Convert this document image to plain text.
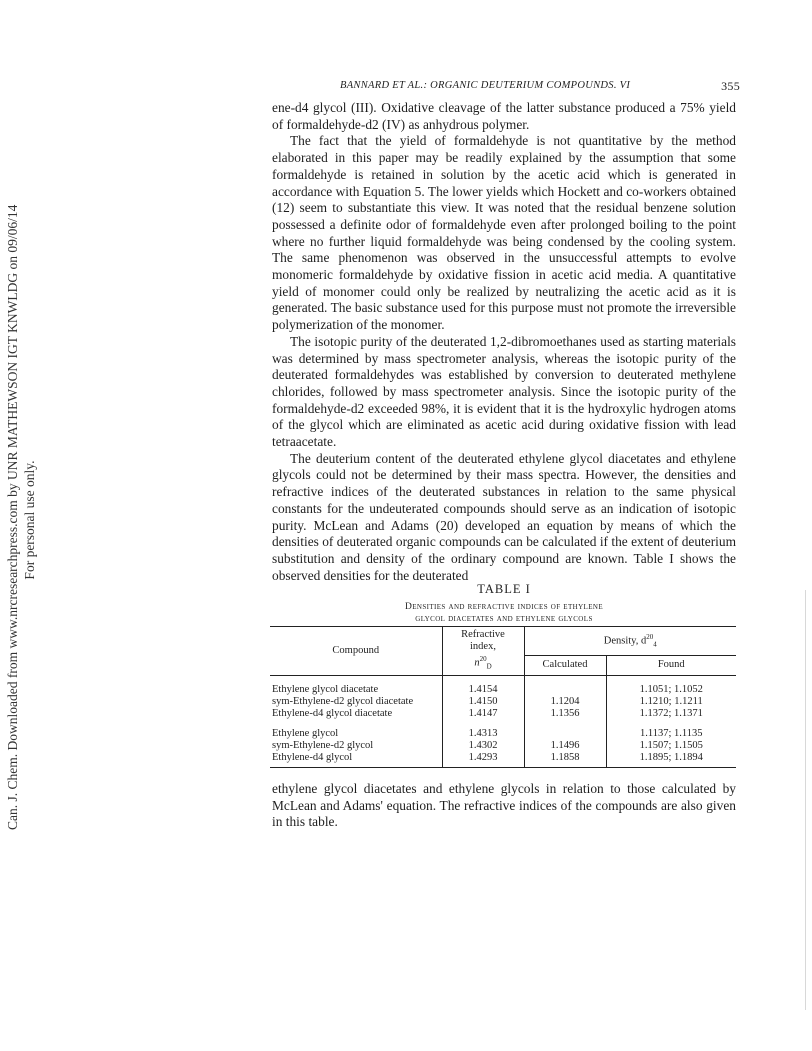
Can. J. Chem. Downloaded from www.nrcresearchpress.com by UNR MATHEWSON IGT KNWLDG on 09/06/14 For personal use only.
BANNARD ET AL.: ORGANIC DEUTERIUM COMPOUNDS. VI	355

ene-d4 glycol (III). Oxidative cleavage of the latter substance produced a 75% yield of formaldehyde-d2 (IV) as anhydrous polymer.

The fact that the yield of formaldehyde is not quantitative by the method elaborated in this paper may be readily explained by the assumption that some formaldehyde is retained in solution by the acetic acid which is generated in accordance with Equation 5. The lower yields which Hockett and co-workers obtained (12) seem to substantiate this view. It was noted that the residual benzene solution possessed a definite odor of formaldehyde even after prolonged boiling to the point where no further liquid formaldehyde was being condensed by the cooling system. The same phenomenon was observed in the unsuccessful attempts to evolve monomeric formaldehyde by oxidative fission in acetic acid media. A quantitative yield of monomer could only be realized by neutralizing the acetic acid as it is generated. The basic substance used for this purpose must not promote the irreversible polymerization of the monomer.

The isotopic purity of the deuterated 1,2-dibromoethanes used as starting materials was determined by mass spectrometer analysis, whereas the isotopic purity of the deuterated formaldehydes was established by conversion to deuterated methylene chlorides, followed by mass spectrometer analysis. Since the isotopic purity of the formaldehyde-d2 exceeded 98%, it is evident that it is the hydroxylic hydrogen atoms of the glycol which are eliminated as acetic acid during oxidative fission with lead tetraacetate.

The deuterium content of the deuterated ethylene glycol diacetates and ethylene glycols could not be determined by their mass spectra. However, the densities and refractive indices of the deuterated substances in relation to the same physical constants for the undeuterated compounds should serve as an indication of isotopic purity. McLean and Adams (20) developed an equation by means of which the densities of deuterated organic compounds can be calculated if the extent of deuterium substitution and density of the ordinary compound are known. Table I shows the observed densities for the deuterated

TABLE I
Densities and refractive indices of ethylene
glycol diacetates and ethylene glycols
Compound	Refractive
index,
$n^{20}_D$	Density, $d^{20}_4$
		Calculated	Found

Ethylene glycol diacetate	1.4154		1.1051; 1.1052
sym-Ethylene-d2 glycol diacetate	1.4150	1.1204	1.1210; 1.1211
Ethylene-d4 glycol diacetate	1.4147	1.1356	1.1372; 1.1371

Ethylene glycol	1.4313		1.1137; 1.1135
sym-Ethylene-d2 glycol	1.4302	1.1496	1.1507; 1.1505
Ethylene-d4 glycol	1.4293	1.1858	1.1895; 1.1894

ethylene glycol diacetates and ethylene glycols in relation to those calculated by McLean and Adams' equation. The refractive indices of the compounds are also given in this table.
